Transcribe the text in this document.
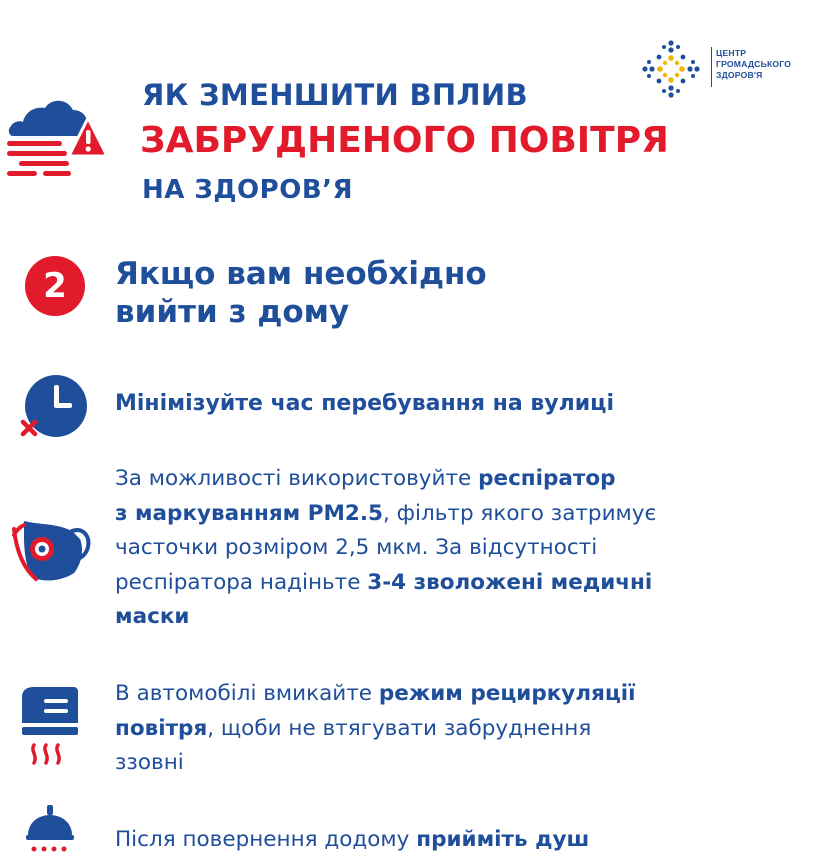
ЦЕНТР
ГРОМАДСЬКОГО
ЗДОРОВ'Я
ЯК ЗМЕНШИТИ ВПЛИВ
ЗАБРУДНЕНОГО ПОВІТРЯ
НА ЗДОРОВ’Я
2	Якщо вам необхідно
вийти з дому
Мінімізуйте час перебування на вулиці
За можливості використовуйте респіратор
з маркуванням PM2.5, фільтр якого затримує
часточки розміром 2,5 мкм. За відсутності
респіратора надіньте 3-4 зволожені медичні
маски
В автомобілі вмикайте режим рециркуляції
повітря, щоби не втягувати забруднення
ззовні
Після повернення додому прийміть душ
